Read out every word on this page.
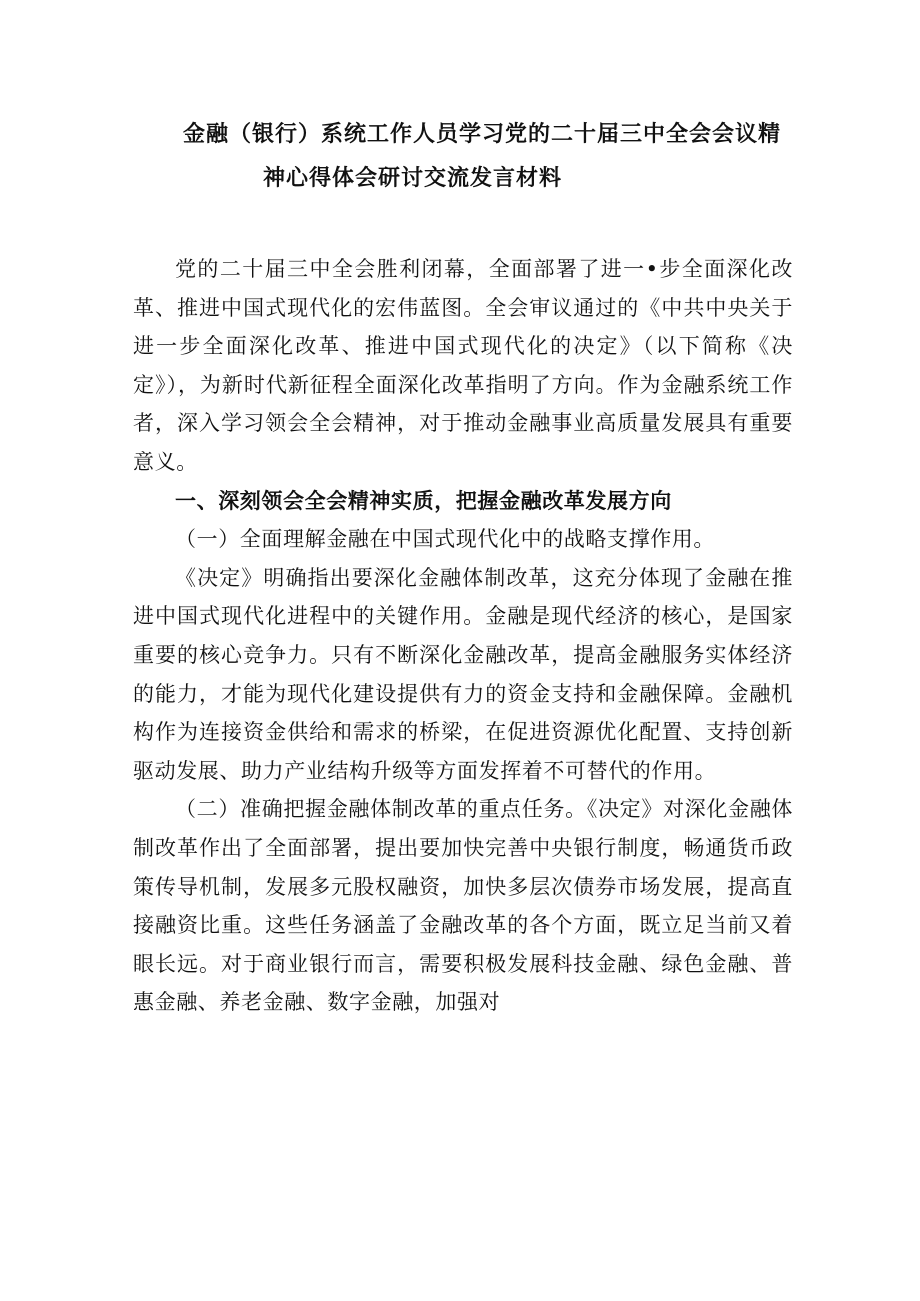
金融（银行）系统工作人员学习党的二十届三中全会会议精
神心得体会研讨交流发言材料

党的二十届三中全会胜利闭幕，全面部署了进一•步全面深化改革、推进中国式现代化的宏伟蓝图。全会审议通过的《中共中央关于进一步全面深化改革、推进中国式现代化的决定》（以下简称《决定》），为新时代新征程全面深化改革指明了方向。作为金融系统工作者，深入学习领会全会精神，对于推动金融事业高质量发展具有重要意义。

一、深刻领会全会精神实质，把握金融改革发展方向

（一）全面理解金融在中国式现代化中的战略支撑作用。

《决定》明确指出要深化金融体制改革，这充分体现了金融在推进中国式现代化进程中的关键作用。金融是现代经济的核心，是国家重要的核心竞争力。只有不断深化金融改革，提高金融服务实体经济的能力，才能为现代化建设提供有力的资金支持和金融保障。金融机构作为连接资金供给和需求的桥梁，在促进资源优化配置、支持创新驱动发展、助力产业结构升级等方面发挥着不可替代的作用。

（二）准确把握金融体制改革的重点任务。《决定》对深化金融体制改革作出了全面部署，提出要加快完善中央银行制度，畅通货币政策传导机制，发展多元股权融资，加快多层次债券市场发展，提高直接融资比重。这些任务涵盖了金融改革的各个方面，既立足当前又着眼长远。对于商业银行而言，需要积极发展科技金融、绿色金融、普惠金融、养老金融、数字金融，加强对
